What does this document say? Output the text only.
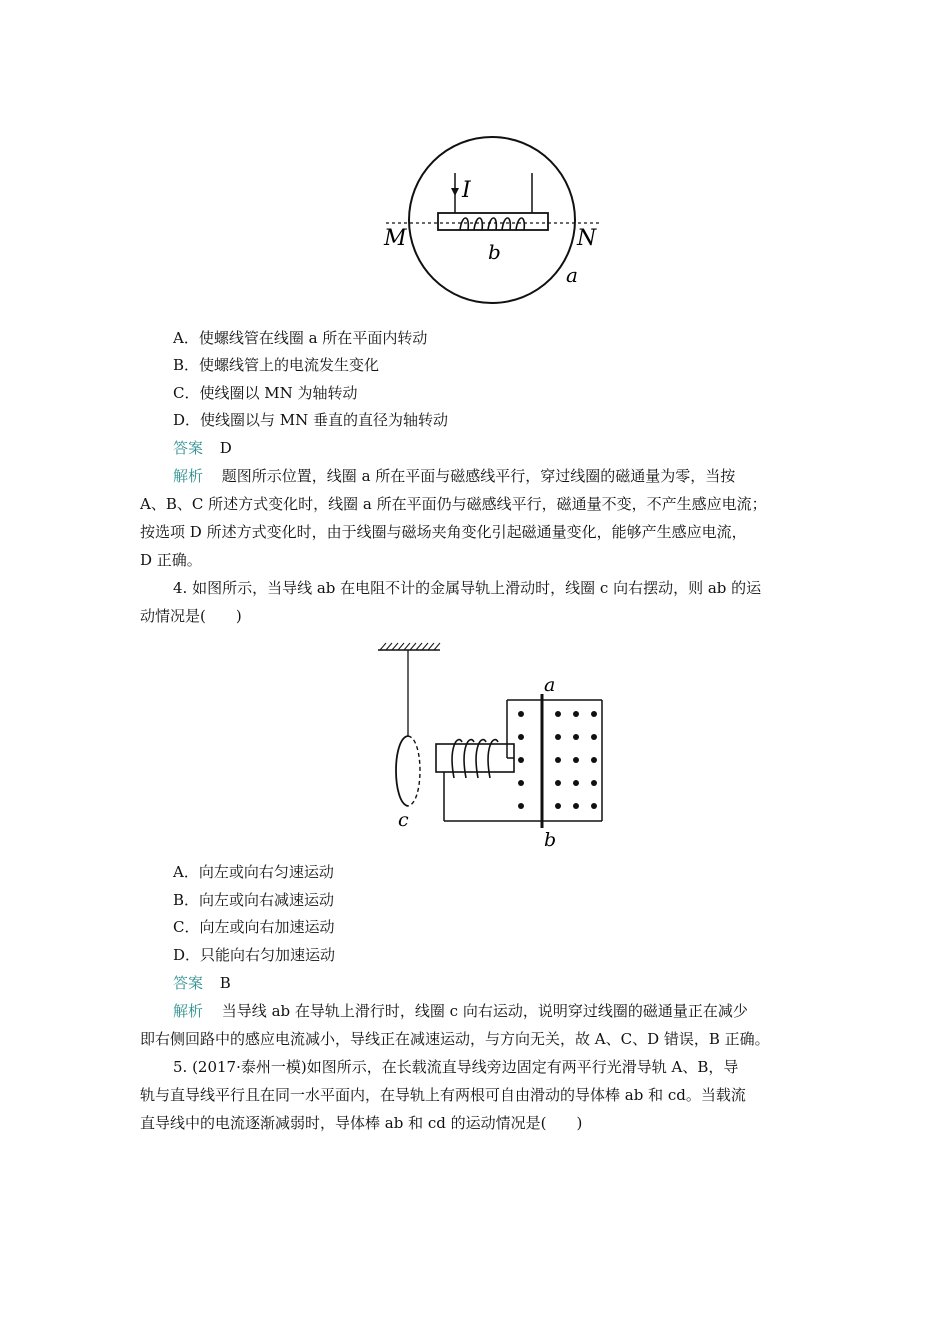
I
M	N
b
a
A．使螺线管在线圈 a 所在平面内转动
B．使螺线管上的电流发生变化
C．使线圈以 MN 为轴转动
D．使线圈以与 MN 垂直的直径为轴转动
答案 D
解析 题图所示位置，线圈 a 所在平面与磁感线平行，穿过线圈的磁通量为零，当按
A、B、C 所述方式变化时，线圈 a 所在平面仍与磁感线平行，磁通量不变，不产生感应电流；
按选项 D 所述方式变化时，由于线圈与磁场夹角变化引起磁通量变化，能够产生感应电流，
D 正确。
4. 如图所示，当导线 ab 在电阻不计的金属导轨上滑动时，线圈 c 向右摆动，则 ab 的运
动情况是(　　)
c
a
b
A．向左或向右匀速运动
B．向左或向右减速运动
C．向左或向右加速运动
D．只能向右匀加速运动
答案 B
解析 当导线 ab 在导轨上滑行时，线圈 c 向右运动，说明穿过线圈的磁通量正在减少
即右侧回路中的感应电流减小，导线正在减速运动，与方向无关，故 A、C、D 错误，B 正确。
5. (2017·泰州一模)如图所示，在长载流直导线旁边固定有两平行光滑导轨 A、B，导
轨与直导线平行且在同一水平面内，在导轨上有两根可自由滑动的导体棒 ab 和 cd。当载流
直导线中的电流逐渐减弱时，导体棒 ab 和 cd 的运动情况是(　　)
